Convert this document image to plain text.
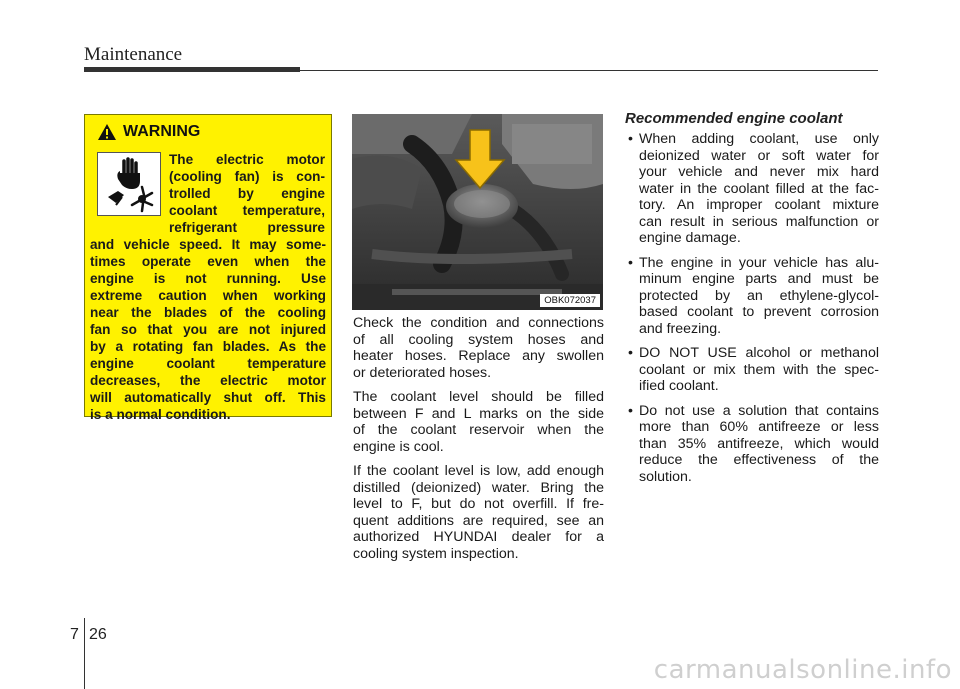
Maintenance
WARNING
The electric motor
(cooling fan) is con-
trolled by engine
coolant temperature,
refrigerant pressure
and vehicle speed. It may some-
times operate even when the
engine is not running. Use
extreme caution when working
near the blades of the cooling
fan so that you are not injured
by a rotating fan blades. As the
engine coolant temperature
decreases, the electric motor
will automatically shut off. This
is a normal condition.
OBK072037
Check the condition and connections
of all cooling system hoses and
heater hoses. Replace any swollen
or deteriorated hoses.
The coolant level should be filled
between F and L marks on the side
of the coolant reservoir when the
engine is cool.
If the coolant level is low, add enough
distilled (deionized) water. Bring the
level to F, but do not overfill. If fre-
quent additions are required, see an
authorized HYUNDAI dealer for a
cooling system inspection.
Recommended engine coolant
• When adding coolant, use only
deionized water or soft water for
your vehicle and never mix hard
water in the coolant filled at the fac-
tory. An improper coolant mixture
can result in serious malfunction or
engine damage.
• The engine in your vehicle has alu-
minum engine parts and must be
protected by an ethylene-glycol-
based coolant to prevent corrosion
and freezing.
• DO NOT USE alcohol or methanol
coolant or mix them with the spec-
ified coolant.
• Do not use a solution that contains
more than 60% antifreeze or less
than 35% antifreeze, which would
reduce the effectiveness of the
solution.
7 26
carmanualsonline.info
